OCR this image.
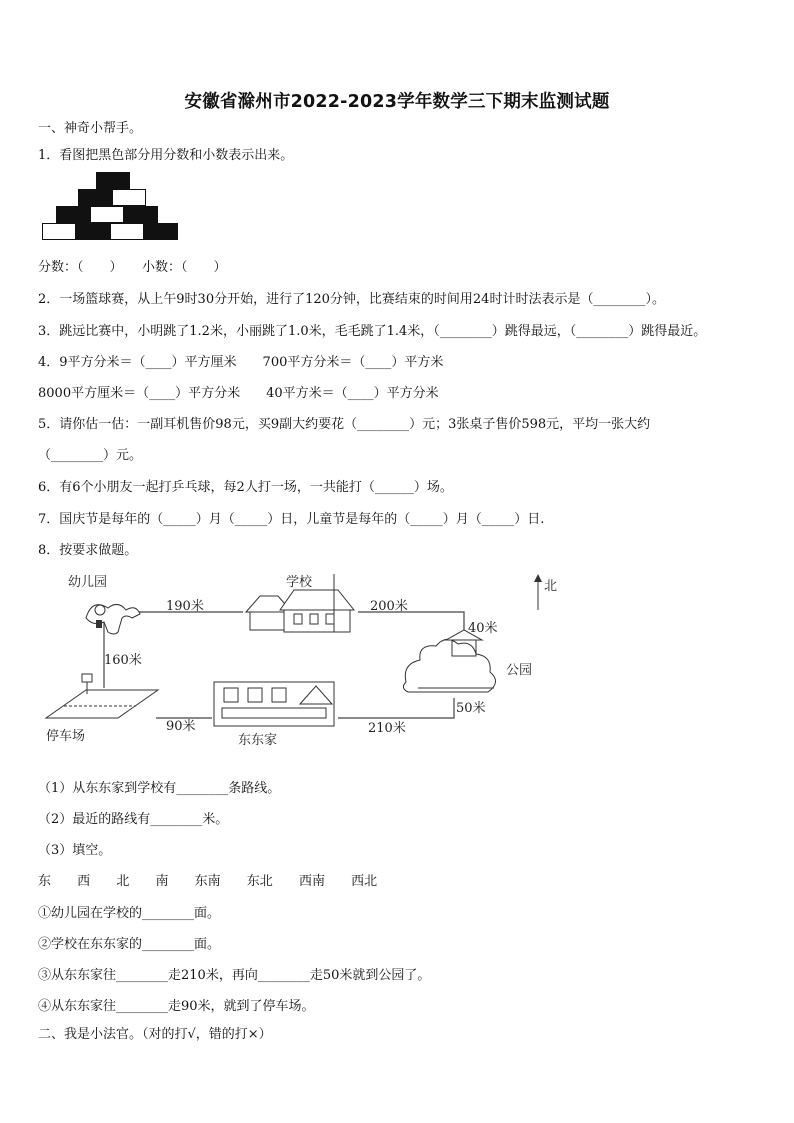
安徽省滁州市2022-2023学年数学三下期末监测试题
一、神奇小帮手。
1．看图把黑色部分用分数和小数表示出来。
分数：（　　）　　小数：（　　）
2．一场篮球赛，从上午9时30分开始，进行了120分钟，比赛结束的时间用24时计时法表示是（________）。
3．跳远比赛中，小明跳了1.2米，小丽跳了1.0米，毛毛跳了1.4米，（________）跳得最远，（________）跳得最近。
4．9平方分米＝（____）平方厘米　　700平方分米＝（____）平方米
8000平方厘米＝（____）平方分米　　40平方米＝（____）平方分米
5．请你估一估：一副耳机售价98元，买9副大约要花（________）元；3张桌子售价598元，平均一张大约
（________）元。
6．有6个小朋友一起打乒乓球，每2人打一场，一共能打（______）场。
7．国庆节是每年的（_____）月（_____）日，儿童节是每年的（_____）月（_____）日.
8．按要求做题。
幼儿园	学校	北
公园
停车场	东东家
190米	200米
40米
160米
90米	210米
50米
（1）从东东家到学校有________条路线。
（2）最近的路线有________米。
（3）填空。
东 西 北 南 东南 东北 西南 西北
①幼儿园在学校的________面。
②学校在东东家的________面。
③从东东家往________走210米，再向________走50米就到公园了。
④从东东家往________走90米，就到了停车场。
二、我是小法官。（对的打√，错的打×）
